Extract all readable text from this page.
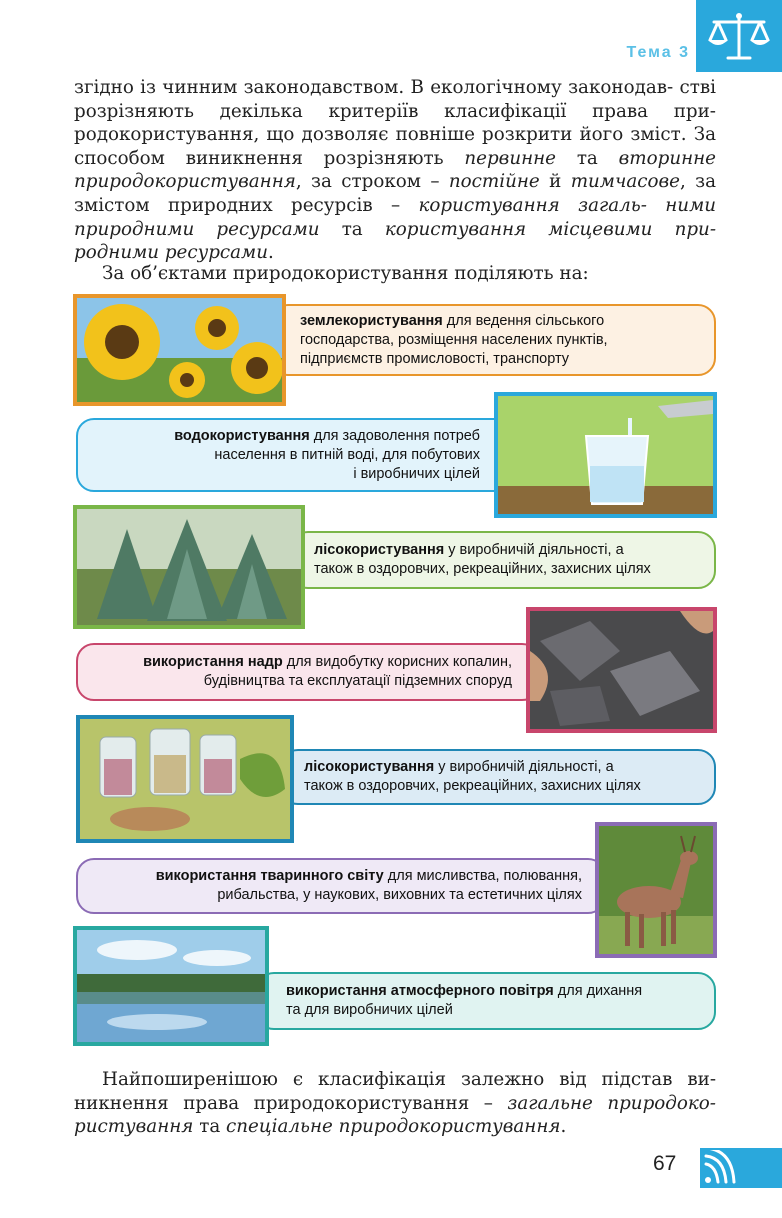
Тема 3
згідно із чинним законодавством. В екологічному законодав- стві розрізняють декілька критеріїв класифікації права при- родокористування, що дозволяє повніше розкрити його зміст. За способом виникнення розрізняють первинне та вторинне природокористування, за строком – постійне й тимчасове, за змістом природних ресурсів – користування загаль- ними природними ресурсами та користування місцевими при- родними ресурсами.
За об’єктами природокористування поділяють на:
землекористування для ведення сільського
господарства, розміщення населених пунктів,
підприємств промисловості, транспорту
водокористування для задоволення потреб
населення в питній воді, для побутових
і виробничих цілей
лісокористування у виробничій діяльності, а
також в оздоровчих, рекреаційних, захисних цілях
використання надр для видобутку корисних копалин,
будівництва та експлуатації підземних споруд
лісокористування у виробничій діяльності, а
також в оздоровчих, рекреаційних, захисних цілях
використання тваринного світу для мисливства, полювання,
рибальства, у наукових, виховних та естетичних цілях
використання атмосферного повітря для дихання
та для виробничих цілей
Найпоширенішою є класифікація залежно від підстав ви- никнення права природокористування – загальне природоко- ристування та спеціальне природокористування.
67
